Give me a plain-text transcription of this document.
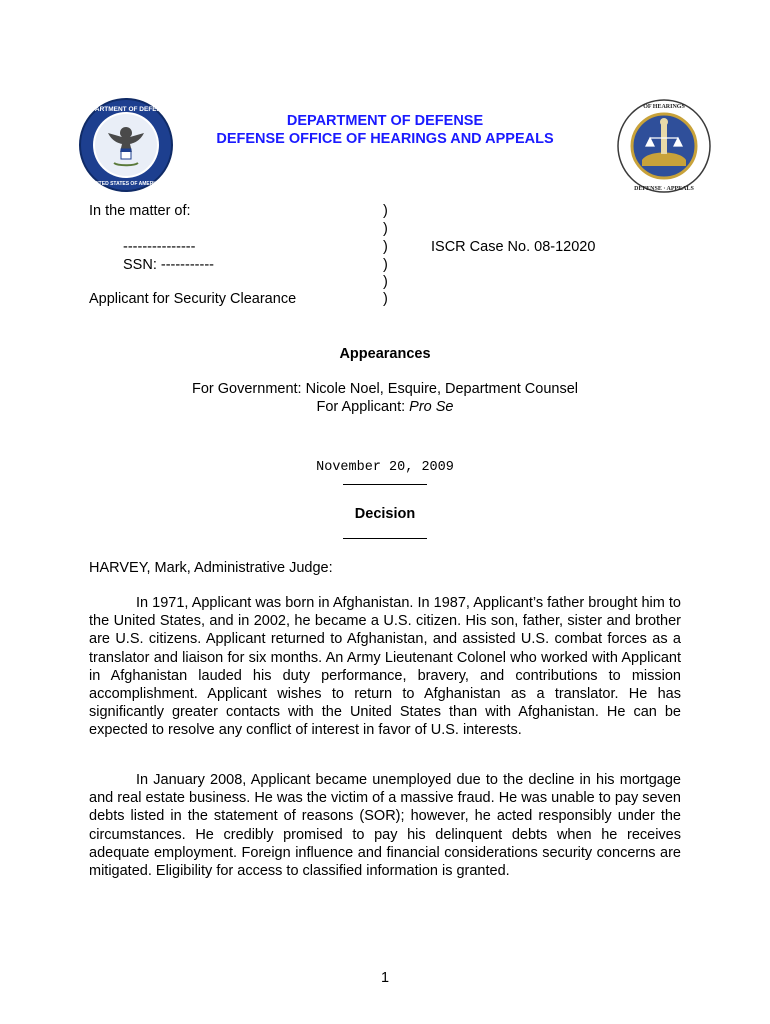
DEPARTMENT OF DEFENSE
UNITED STATES OF AMERICA
OF HEARINGS
DEFENSE · APPEALS
DEPARTMENT OF DEFENSE
DEFENSE OFFICE OF HEARINGS AND APPEALS
In the matter of:
---------------
SSN: -----------
Applicant for Security Clearance
)
)
)
)
)
)
ISCR Case No. 08-12020
Appearances
For Government: Nicole Noel, Esquire, Department Counsel
For Applicant: Pro Se
November 20, 2009
Decision
HARVEY, Mark, Administrative Judge:

In 1971, Applicant was born in Afghanistan. In 1987, Applicant’s father brought him to the United States, and in 2002, he became a U.S. citizen. His son, father, sister and brother are U.S. citizens. Applicant returned to Afghanistan, and assisted U.S. combat forces as a translator and liaison for six months. An Army Lieutenant Colonel who worked with Applicant in Afghanistan lauded his duty performance, bravery, and contributions to mission accomplishment. Applicant wishes to return to Afghanistan as a translator. He has significantly greater contacts with the United States than with Afghanistan. He can be expected to resolve any conflict of interest in favor of U.S. interests.

In January 2008, Applicant became unemployed due to the decline in his mortgage and real estate business. He was the victim of a massive fraud. He was unable to pay seven debts listed in the statement of reasons (SOR); however, he acted responsibly under the circumstances. He credibly promised to pay his delinquent debts when he receives adequate employment. Foreign influence and financial considerations security concerns are mitigated. Eligibility for access to classified information is granted.

1
